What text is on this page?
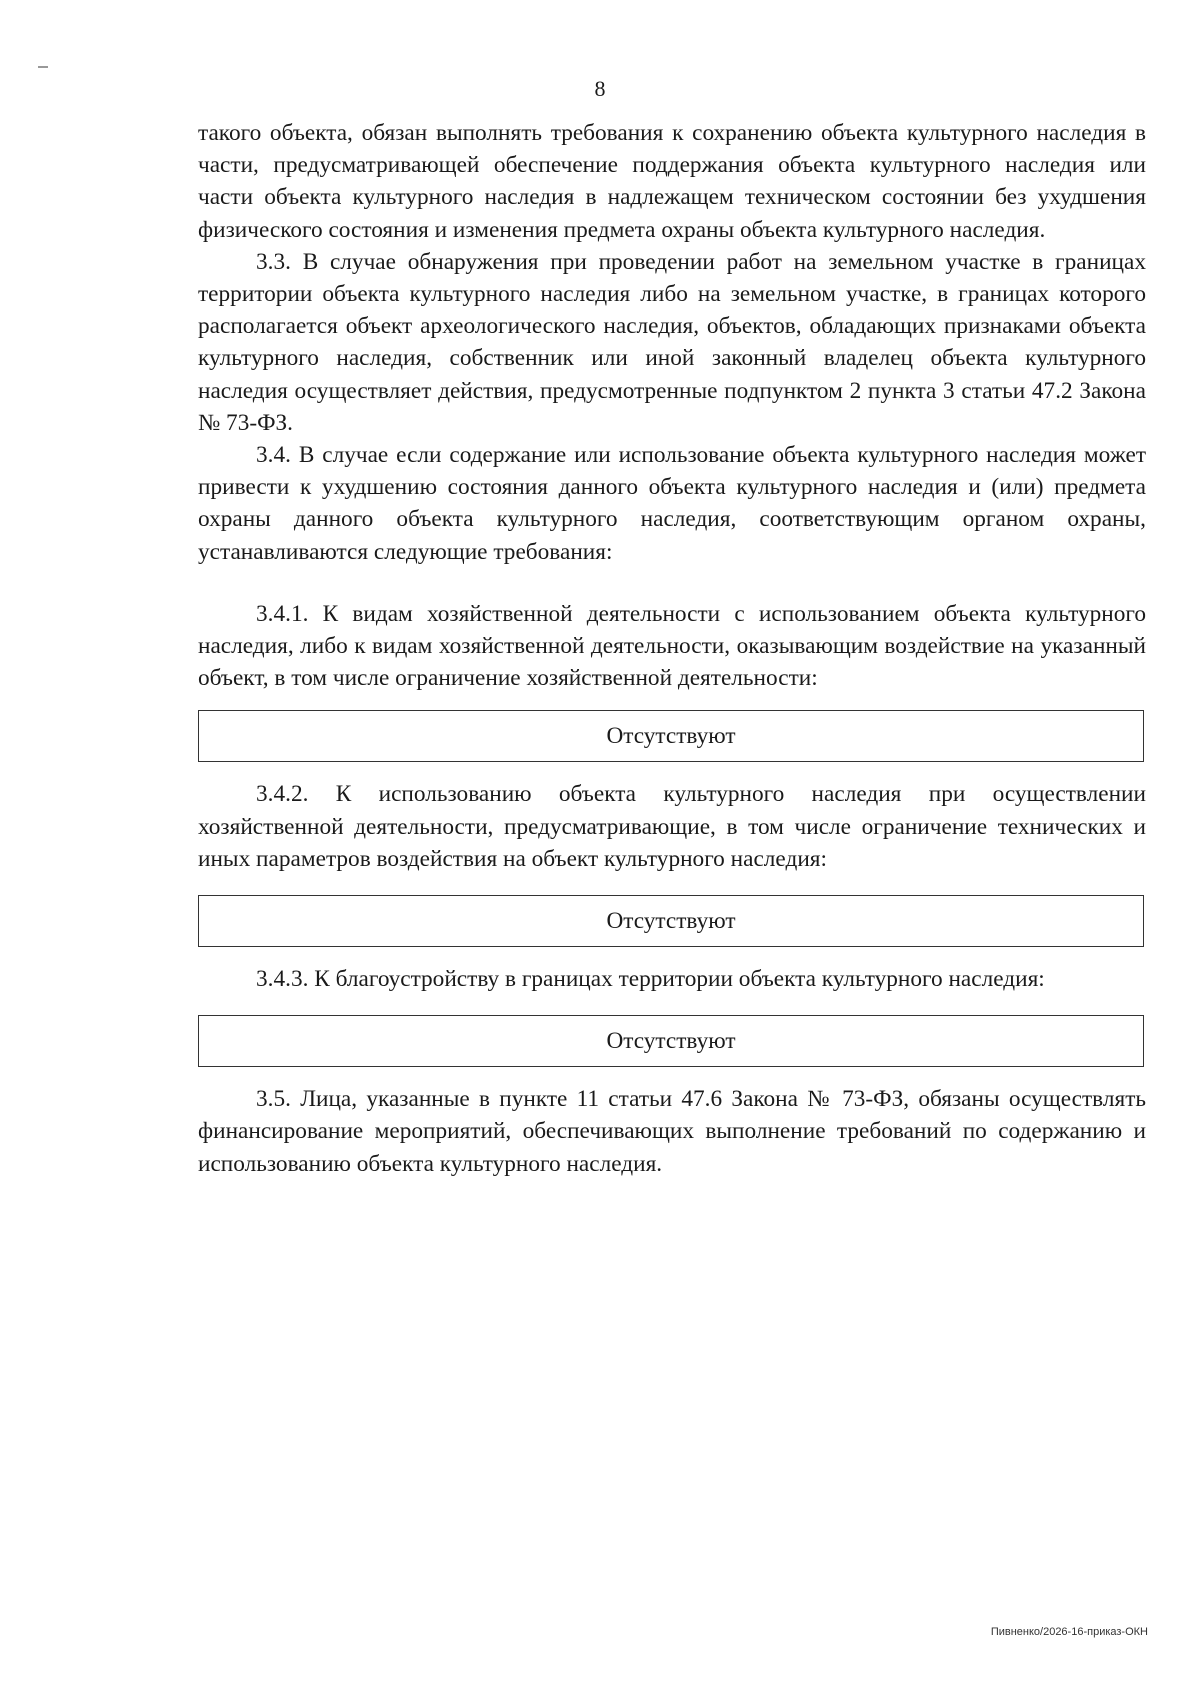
8

такого объекта, обязан выполнять требования к сохранению объекта культурного наследия в части, предусматривающей обеспечение поддержания объекта культурного наследия или части объекта культурного наследия в надлежащем техническом состоянии без ухудшения физического состояния и изменения предмета охраны объекта культурного наследия.

3.3. В случае обнаружения при проведении работ на земельном участке в границах территории объекта культурного наследия либо на земельном участке, в границах которого располагается объект археологического наследия, объектов, обладающих признаками объекта культурного наследия, собственник или иной законный владелец объекта культурного наследия осуществляет действия, предусмотренные подпунктом 2 пункта 3 статьи 47.2 Закона № 73-ФЗ.

3.4. В случае если содержание или использование объекта культурного наследия может привести к ухудшению состояния данного объекта культурного наследия и (или) предмета охраны данного объекта культурного наследия, соответствующим органом охраны, устанавливаются следующие требования:

3.4.1. К видам хозяйственной деятельности с использованием объекта культурного наследия, либо к видам хозяйственной деятельности, оказывающим воздействие на указанный объект, в том числе ограничение хозяйственной деятельности:

Отсутствуют

3.4.2. К использованию объекта культурного наследия при осуществлении хозяйственной деятельности, предусматривающие, в том числе ограничение технических и иных параметров воздействия на объект культурного наследия:

Отсутствуют

3.4.3. К благоустройству в границах территории объекта культурного наследия:

Отсутствуют

3.5. Лица, указанные в пункте 11 статьи 47.6 Закона № 73-ФЗ, обязаны осуществлять финансирование мероприятий, обеспечивающих выполнение требований по содержанию и использованию объекта культурного наследия.

Пивненко/2026-16-приказ-ОКН
